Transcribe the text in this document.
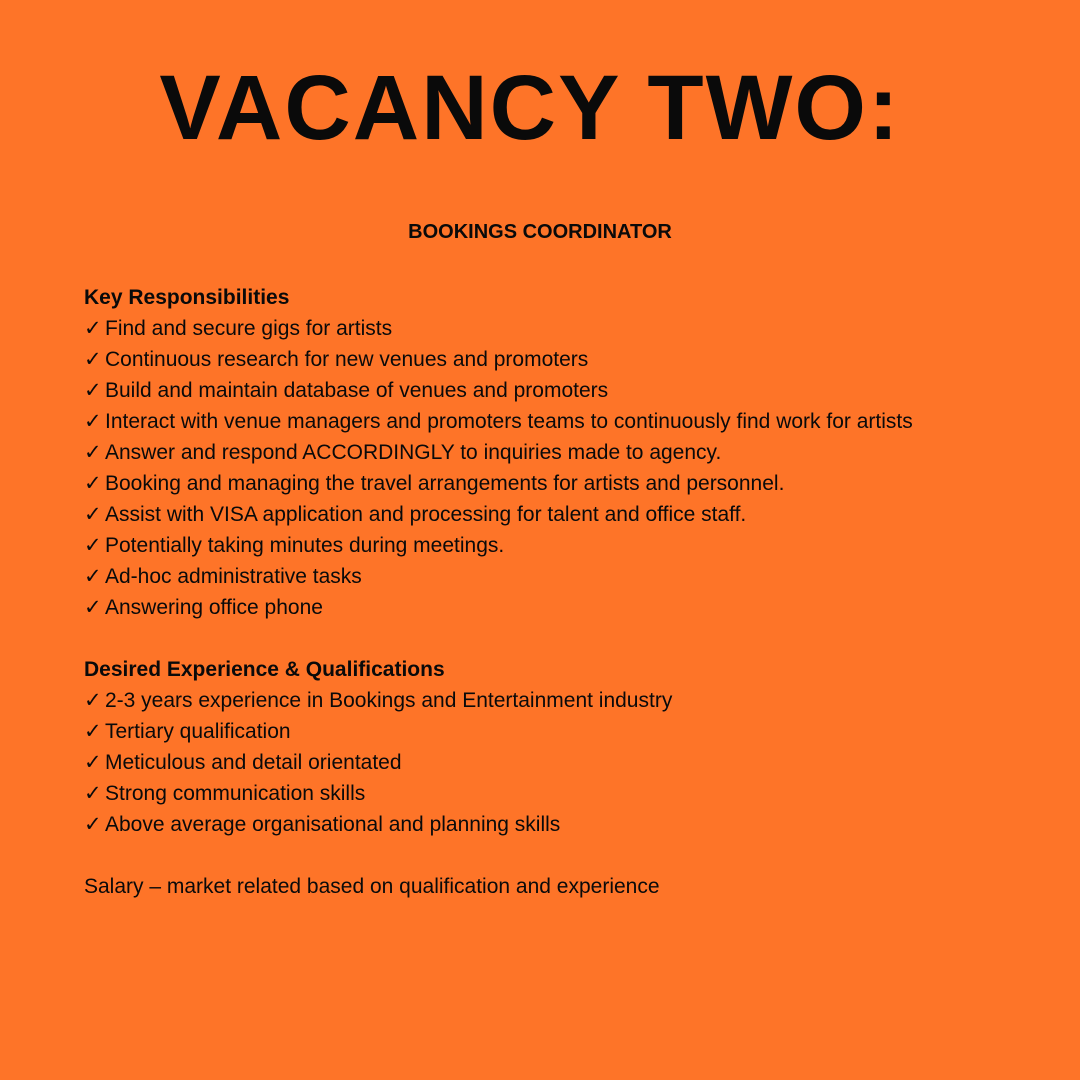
VACANCY TWO:
BOOKINGS COORDINATOR

Key Responsibilities

✓ Find and secure gigs for artists
✓ Continuous research for new venues and promoters
✓ Build and maintain database of venues and promoters
✓ Interact with venue managers and promoters teams to continuously find work for artists
✓ Answer and respond ACCORDINGLY to inquiries made to agency.
✓ Booking and managing the travel arrangements for artists and personnel.
✓ Assist with VISA application and processing for talent and office staff.
✓ Potentially taking minutes during meetings.
✓ Ad-hoc administrative tasks
✓ Answering office phone

Desired Experience & Qualifications

✓ 2-3 years experience in Bookings and Entertainment industry
✓ Tertiary qualification
✓ Meticulous and detail orientated
✓ Strong communication skills
✓ Above average organisational and planning skills

Salary – market related based on qualification and experience
